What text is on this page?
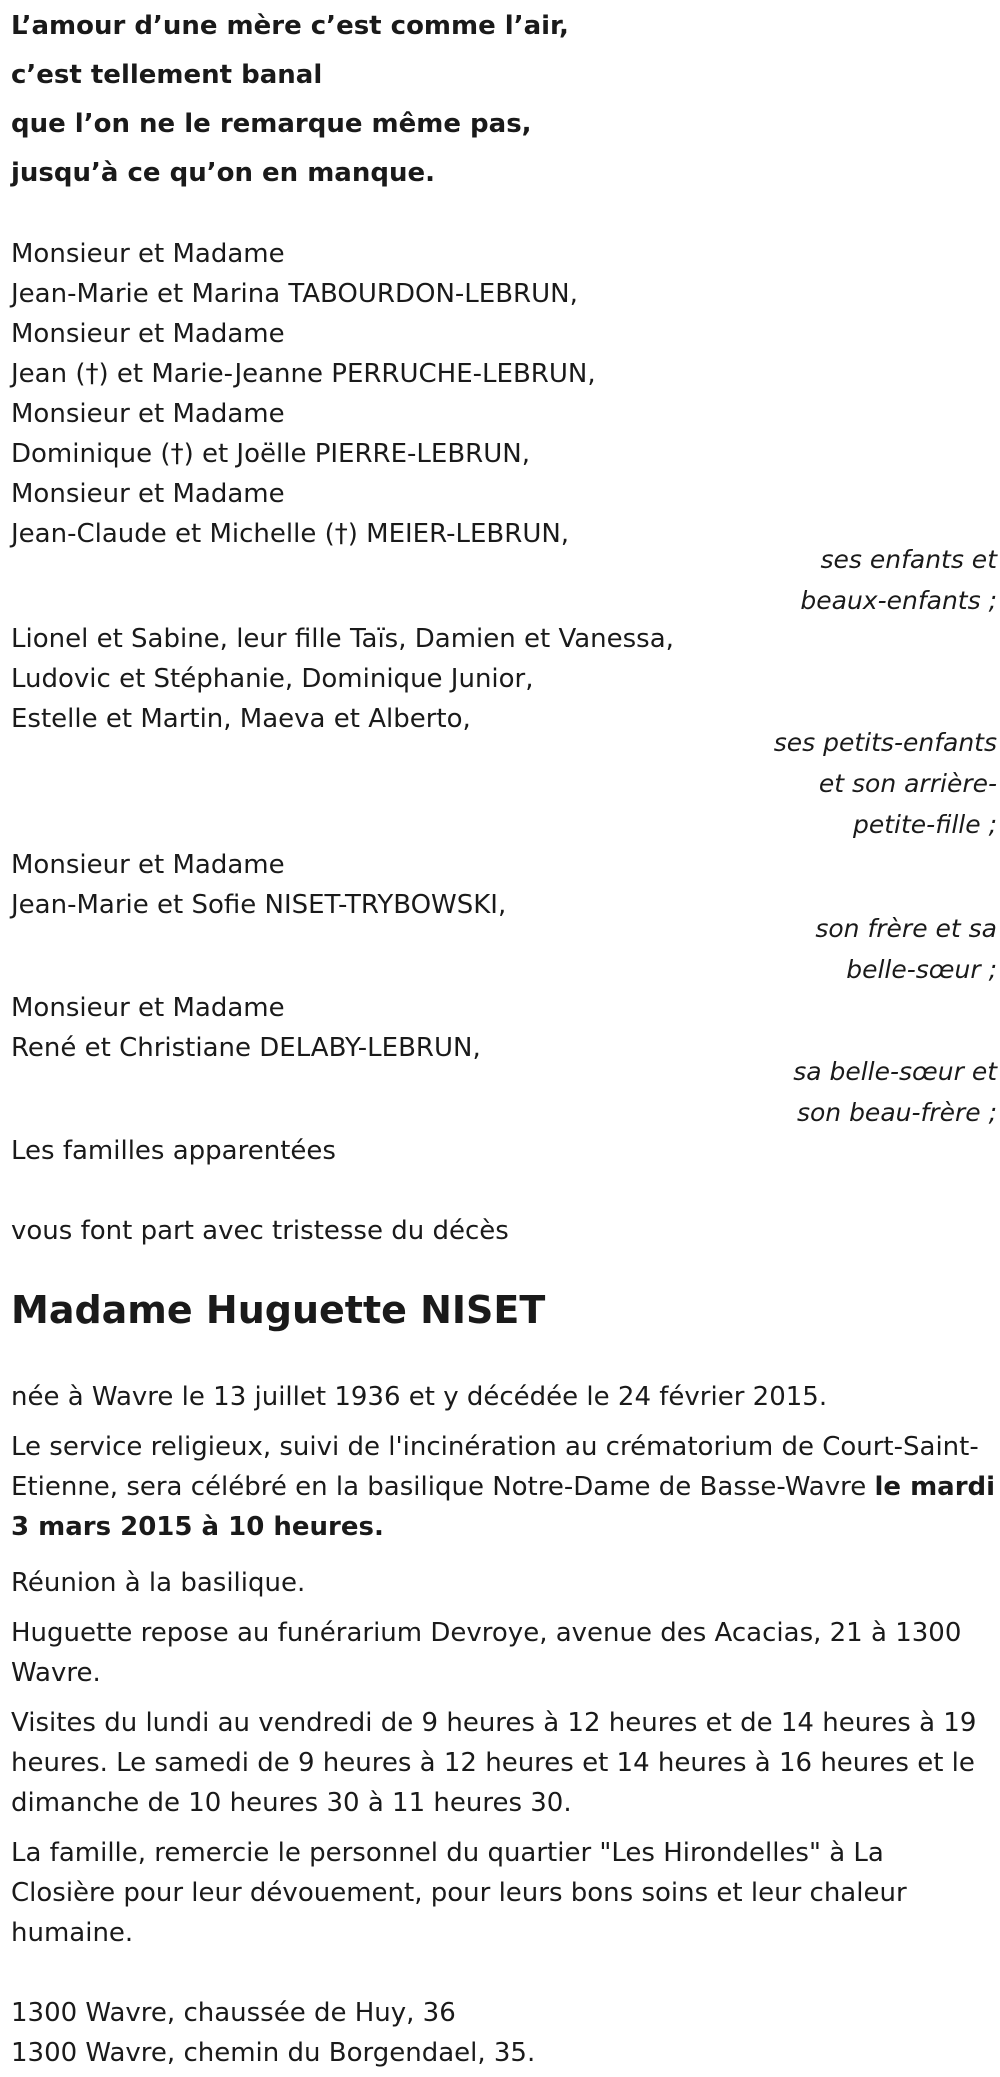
L’amour d’une mère c’est comme l’air,
c’est tellement banal
que l’on ne le remarque même pas,
jusqu’à ce qu’on en manque.
Monsieur et Madame
Jean-Marie et Marina TABOURDON-LEBRUN,
Monsieur et Madame
Jean (†) et Marie-Jeanne PERRUCHE-LEBRUN,
Monsieur et Madame
Dominique (†) et Joëlle PIERRE-LEBRUN,
Monsieur et Madame
Jean-Claude et Michelle (†) MEIER-LEBRUN,
ses enfants et
beaux-enfants ;
Lionel et Sabine, leur fille Taïs, Damien et Vanessa,
Ludovic et Stéphanie, Dominique Junior,
Estelle et Martin, Maeva et Alberto,
ses petits-enfants
et son arrière-
petite-fille ;
Monsieur et Madame
Jean-Marie et Sofie NISET-TRYBOWSKI,
son frère et sa
belle-sœur ;
Monsieur et Madame
René et Christiane DELABY-LEBRUN,
sa belle-sœur et
son beau-frère ;
Les familles apparentées
vous font part avec tristesse du décès
Madame Huguette NISET
née à Wavre le 13 juillet 1936 et y décédée le 24 février 2015.
Le service religieux, suivi de l'incinération au crématorium de Court-Saint-Etienne, sera célébré en la basilique Notre-Dame de Basse-Wavre le mardi 3 mars 2015 à 10 heures.
Réunion à la basilique.
Huguette repose au funérarium Devroye, avenue des Acacias, 21 à 1300 Wavre.
Visites du lundi au vendredi de 9 heures à 12 heures et de 14 heures à 19 heures. Le samedi de 9 heures à 12 heures et 14 heures à 16 heures et le dimanche de 10 heures 30 à 11 heures 30.
La famille, remercie le personnel du quartier "Les Hirondelles" à La Closière pour leur dévouement, pour leurs bons soins et leur chaleur humaine.
1300 Wavre, chaussée de Huy, 36
1300 Wavre, chemin du Borgendael, 35.
